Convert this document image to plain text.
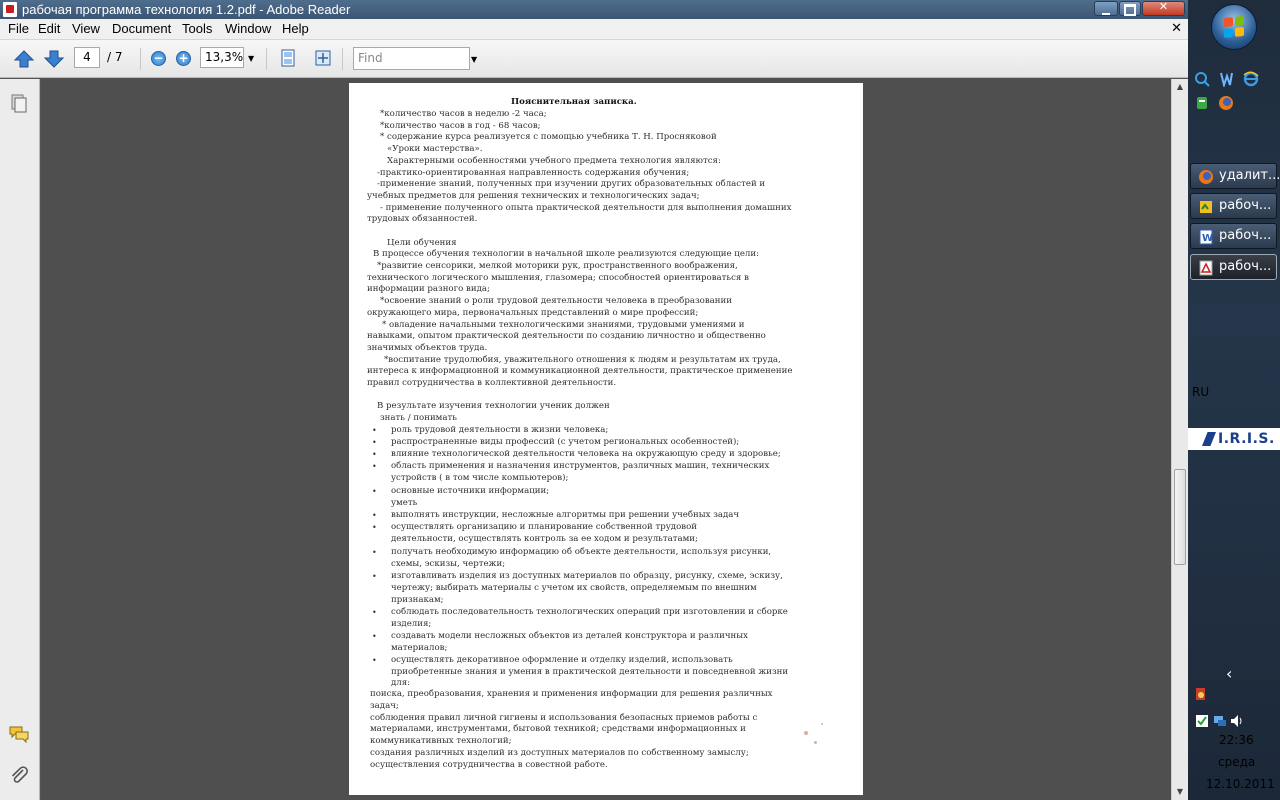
рабочая программа технология 1.2.pdf - Adobe Reader	✕
File Edit View Document Tools Window Help	✕
4	/ 7	− +	13,3% ▼	Find	▼
▲
▼
Пояснительная записка.
*количество часов в неделю -2 часа;
*количество часов в год - 68 часов;
* содержание курса реализуется с помощью учебника Т. Н. Просняковой
«Уроки мастерства».
Характерными особенностями учебного предмета технология являются:
-практико-ориентированная направленность содержания обучения;
-применение знаний, полученных при изучении других образовательных областей и
учебных предметов для решения технических и технологических задач;
- применение полученного опыта практической деятельности для выполнения домашних
трудовых обязанностей.
Цели обучения
В процессе обучения технологии в начальной школе реализуются следующие цели:
*развитие сенсорики, мелкой моторики рук, пространственного воображения,
технического логического мышления, глазомера; способностей ориентироваться в
информации разного вида;
*освоение знаний о роли трудовой деятельности человека в преобразовании
окружающего мира, первоначальных представлений о мире профессий;
* овладение начальными технологическими знаниями, трудовыми умениями и
навыками, опытом практической деятельности по созданию личностно и общественно
значимых объектов труда.
*воспитание трудолюбия, уважительного отношения к людям и результатам их труда,
интереса к информационной и коммуникационной деятельности, практическое применение
правил сотрудничества в коллективной деятельности.
В результате изучения технологии ученик должен
знать / понимать
• роль трудовой деятельности в жизни человека;
• распространенные виды профессий (с учетом региональных особенностей);
• влияние технологической деятельности человека на окружающую среду и здоровье;
• область применения и назначения инструментов, различных машин, технических
устройств ( в том числе компьютеров);
• основные источники информации;
уметь
• выполнять инструкции, несложные алгоритмы при решении учебных задач
• осуществлять организацию и планирование собственной трудовой
деятельности, осуществлять контроль за ее ходом и результатами;
• получать необходимую информацию об объекте деятельности, используя рисунки,
схемы, эскизы, чертежи;
• изготавливать изделия из доступных материалов по образцу, рисунку, схеме, эскизу,
чертежу; выбирать материалы с учетом их свойств, определяемым по внешним
признакам;
• соблюдать последовательность технологических операций при изготовлении и сборке
изделия;
• создавать модели несложных объектов из деталей конструктора и различных
материалов;
• осуществлять декоративное оформление и отделку изделий, использовать
приобретенные знания и умения в практической деятельности и повседневной жизни
для:
поиска, преобразования, хранения и применения информации для решения различных
задач;
соблюдения правил личной гигиены и использования безопасных приемов работы с
материалами, инструментами, бытовой техникой; средствами информационных и
коммуникативных технологий;
создания различных изделий из доступных материалов по собственному замыслу;
осуществления сотрудничества в совестной работе.
удалит...
рабоч...
W рабоч...
рабоч...
RU
I.R.I.S.
‹
22:36
среда
12.10.2011
